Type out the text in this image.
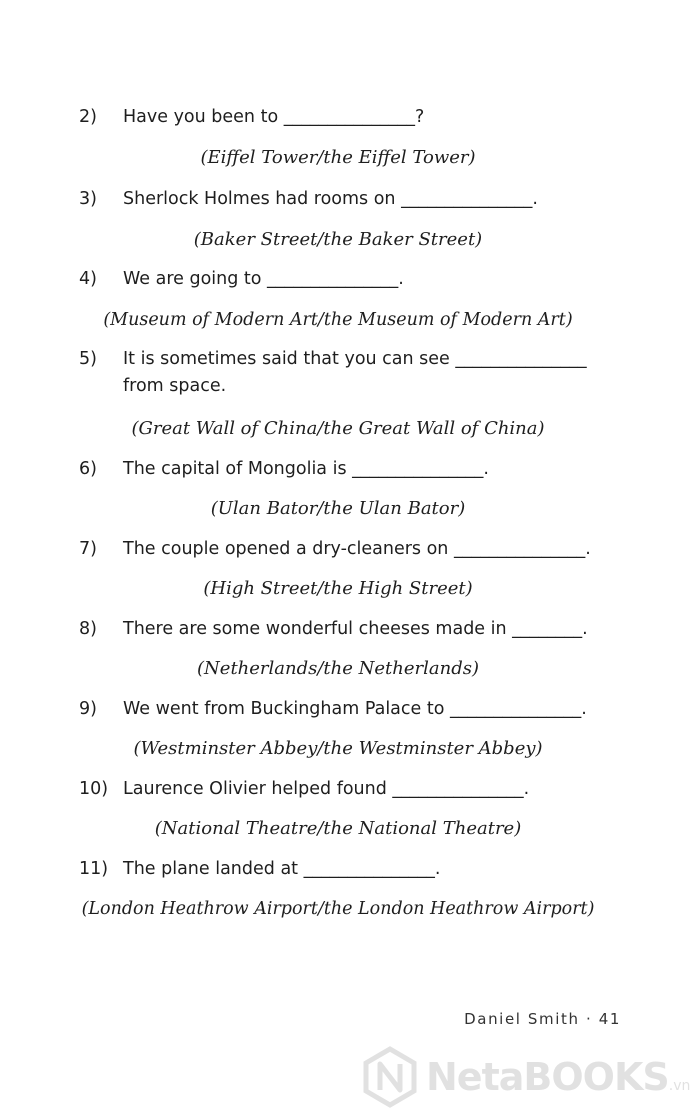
2)	Have you been to _______________?
(Eiffel Tower/the Eiffel Tower)
3)	Sherlock Holmes had rooms on _______________.
(Baker Street/the Baker Street)
4)	We are going to _______________.
(Museum of Modern Art/the Museum of Modern Art)
5)	It is sometimes said that you can see _______________ from space.
(Great Wall of China/the Great Wall of China)
6)	The capital of Mongolia is _______________.
(Ulan Bator/the Ulan Bator)
7)	The couple opened a dry-cleaners on _______________.
(High Street/the High Street)
8)	There are some wonderful cheeses made in ________.
(Netherlands/the Netherlands)
9)	We went from Buckingham Palace to _______________.
(Westminster Abbey/the Westminster Abbey)
10) Laurence Olivier helped found _______________.
(National Theatre/the National Theatre)
11) The plane landed at _______________.
(London Heathrow Airport/the London Heathrow Airport)
Daniel Smith · 41
NetaBOOKS .vn
